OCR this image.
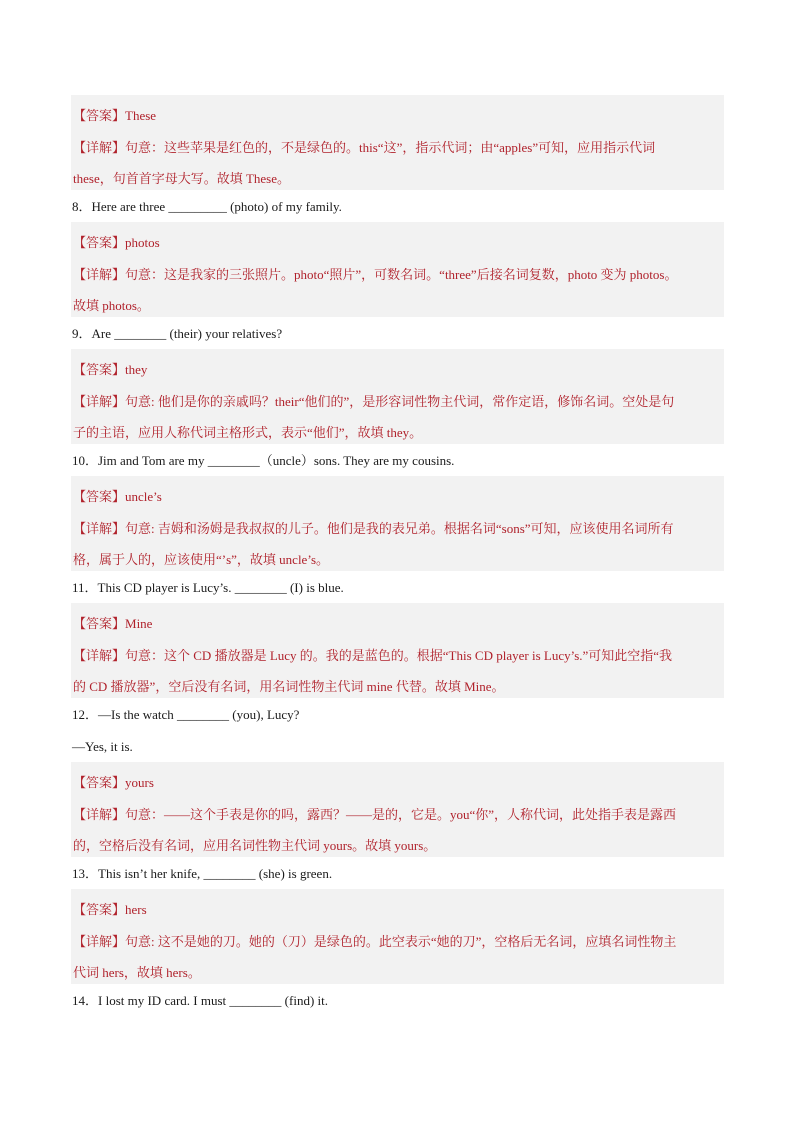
【答案】These
【详解】句意：这些苹果是红色的，不是绿色的。this“这”，指示代词；由“apples”可知，应用指示代词
these，句首首字母大写。故填 These。
8．Here are three _________ (photo) of my family.
【答案】photos
【详解】句意：这是我家的三张照片。photo“照片”，可数名词。“three”后接名词复数，photo 变为 photos。
故填 photos。
9．Are ________ (their) your relatives?
【答案】they
【详解】句意: 他们是你的亲戚吗？their“他们的”，是形容词性物主代词，常作定语，修饰名词。空处是句
子的主语，应用人称代词主格形式，表示“他们”，故填 they。
10．Jim and Tom are my ________（uncle）sons. They are my cousins.
【答案】uncle’s
【详解】句意: 吉姆和汤姆是我叔叔的儿子。他们是我的表兄弟。根据名词“sons”可知，应该使用名词所有
格，属于人的，应该使用“’s”，故填 uncle’s。
11．This CD player is Lucy’s. ________ (I) is blue.
【答案】Mine
【详解】句意：这个 CD 播放器是 Lucy 的。我的是蓝色的。根据“This CD player is Lucy’s.”可知此空指“我
的 CD 播放器”，空后没有名词，用名词性物主代词 mine 代替。故填 Mine。
12．—Is the watch ________ (you), Lucy?
—Yes, it is.
【答案】yours
【详解】句意：——这个手表是你的吗，露西？——是的，它是。you“你”，人称代词，此处指手表是露西
的，空格后没有名词，应用名词性物主代词 yours。故填 yours。
13．This isn’t her knife, ________ (she) is green.
【答案】hers
【详解】句意: 这不是她的刀。她的（刀）是绿色的。此空表示“她的刀”，空格后无名词，应填名词性物主
代词 hers，故填 hers。
14．I lost my ID card. I must ________ (find) it.
